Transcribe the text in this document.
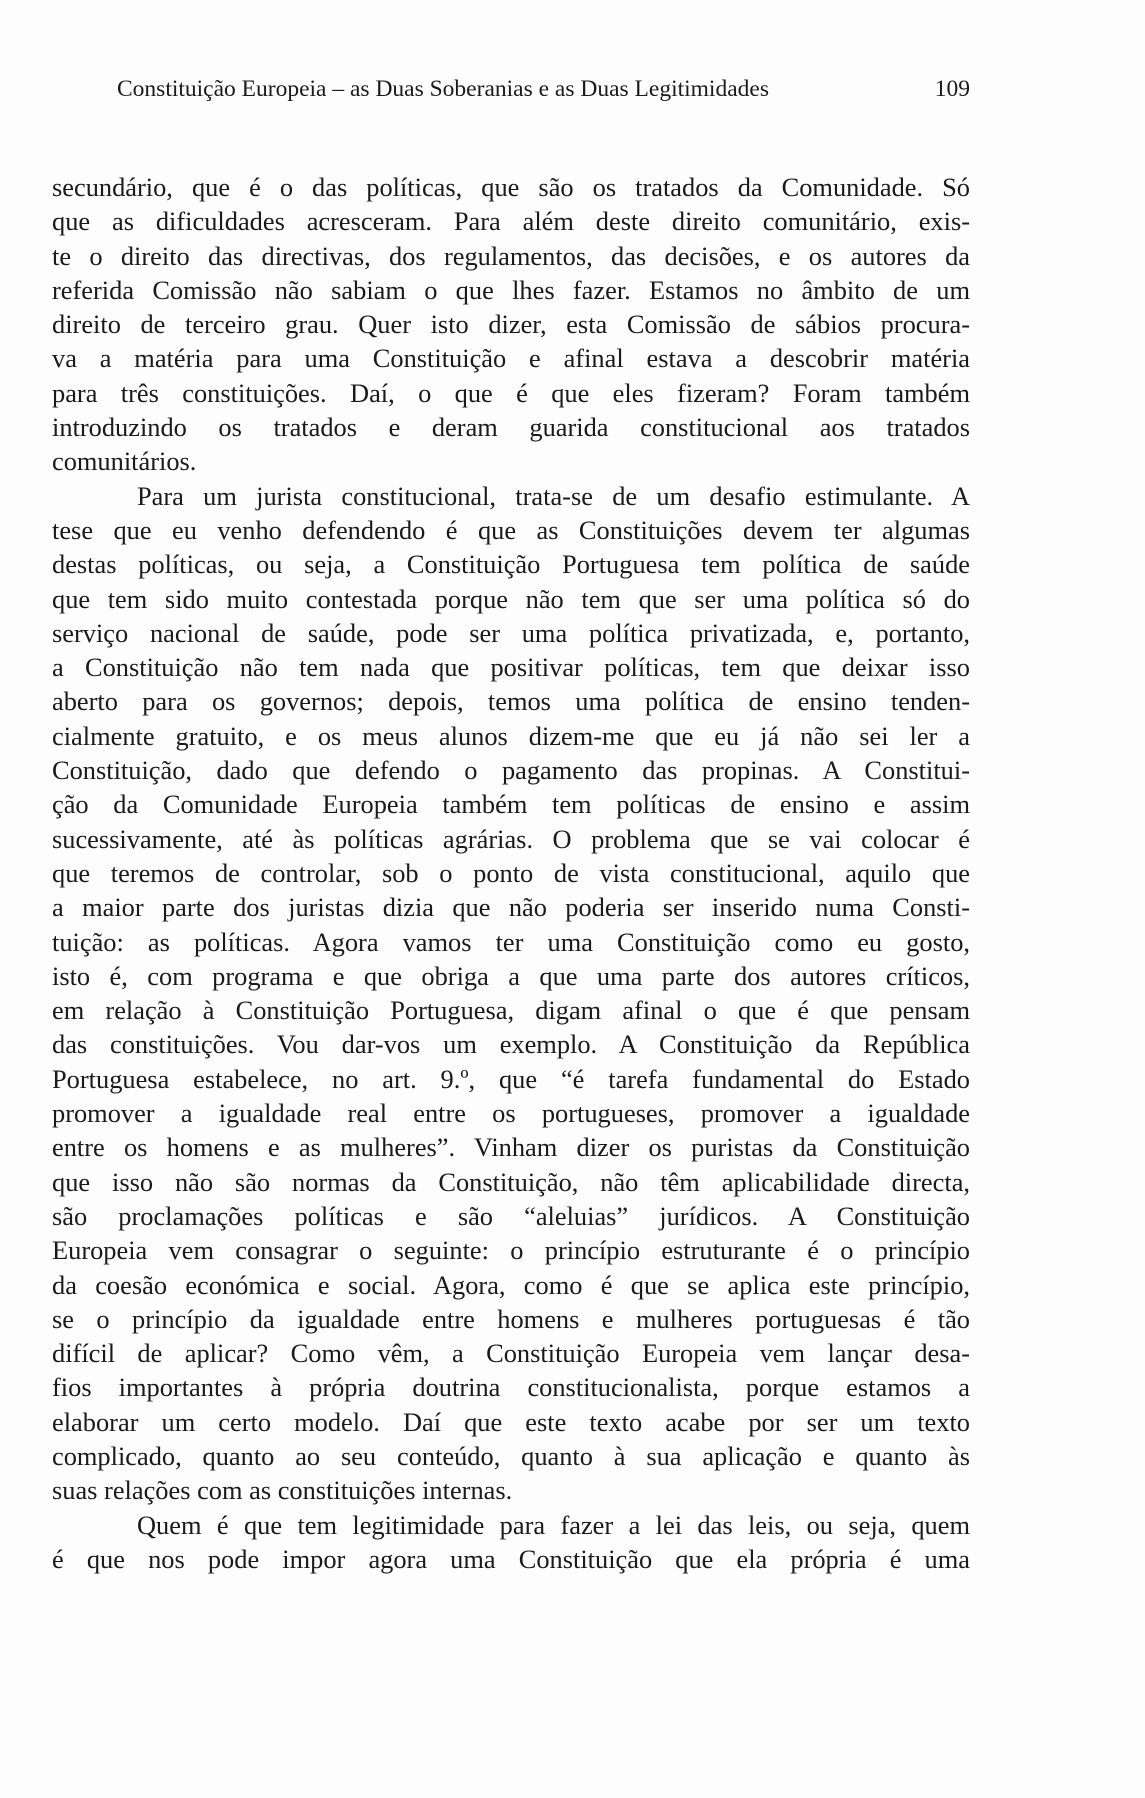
Constituição Europeia – as Duas Soberanias e as Duas Legitimidades	109
secundário, que é o das políticas, que são os tratados da Comunidade. Só
que as dificuldades acresceram. Para além deste direito comunitário, exis-
te o direito das directivas, dos regulamentos, das decisões, e os autores da
referida Comissão não sabiam o que lhes fazer. Estamos no âmbito de um
direito de terceiro grau. Quer isto dizer, esta Comissão de sábios procura-
va a matéria para uma Constituição e afinal estava a descobrir matéria
para três constituições. Daí, o que é que eles fizeram? Foram também
introduzindo os tratados e deram guarida constitucional aos tratados
comunitários.
Para um jurista constitucional, trata-se de um desafio estimulante. A
tese que eu venho defendendo é que as Constituições devem ter algumas
destas políticas, ou seja, a Constituição Portuguesa tem política de saúde
que tem sido muito contestada porque não tem que ser uma política só do
serviço nacional de saúde, pode ser uma política privatizada, e, portanto,
a Constituição não tem nada que positivar políticas, tem que deixar isso
aberto para os governos; depois, temos uma política de ensino tenden-
cialmente gratuito, e os meus alunos dizem-me que eu já não sei ler a
Constituição, dado que defendo o pagamento das propinas. A Constitui-
ção da Comunidade Europeia também tem políticas de ensino e assim
sucessivamente, até às políticas agrárias. O problema que se vai colocar é
que teremos de controlar, sob o ponto de vista constitucional, aquilo que
a maior parte dos juristas dizia que não poderia ser inserido numa Consti-
tuição: as políticas. Agora vamos ter uma Constituição como eu gosto,
isto é, com programa e que obriga a que uma parte dos autores críticos,
em relação à Constituição Portuguesa, digam afinal o que é que pensam
das constituições. Vou dar-vos um exemplo. A Constituição da República
Portuguesa estabelece, no art. 9.º, que “é tarefa fundamental do Estado
promover a igualdade real entre os portugueses, promover a igualdade
entre os homens e as mulheres”. Vinham dizer os puristas da Constituição
que isso não são normas da Constituição, não têm aplicabilidade directa,
são proclamações políticas e são “aleluias” jurídicos. A Constituição
Europeia vem consagrar o seguinte: o princípio estruturante é o princípio
da coesão económica e social. Agora, como é que se aplica este princípio,
se o princípio da igualdade entre homens e mulheres portuguesas é tão
difícil de aplicar? Como vêm, a Constituição Europeia vem lançar desa-
fios importantes à própria doutrina constitucionalista, porque estamos a
elaborar um certo modelo. Daí que este texto acabe por ser um texto
complicado, quanto ao seu conteúdo, quanto à sua aplicação e quanto às
suas relações com as constituições internas.
Quem é que tem legitimidade para fazer a lei das leis, ou seja, quem
é que nos pode impor agora uma Constituição que ela própria é uma
